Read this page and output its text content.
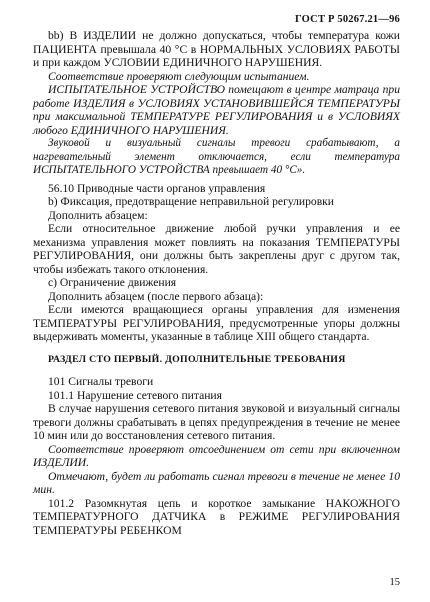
ГОСТ Р 50267.21—96

bb) В ИЗДЕЛИИ не должно допускаться, чтобы температура кожи ПАЦИЕНТА превышала 40 °С в НОРМАЛЬНЫХ УСЛОВИЯХ РАБОТЫ и при каждом УСЛОВИИ ЕДИНИЧНОГО НАРУШЕНИЯ.

Соответствие проверяют следующим испытанием.

ИСПЫТАТЕЛЬНОЕ УСТРОЙСТВО помещают в центре матраца при работе ИЗДЕЛИЯ в УСЛОВИЯХ УСТАНОВИВШЕЙСЯ ТЕМПЕРАТУРЫ при максимальной ТЕМПЕРАТУРЕ РЕГУЛИРОВАНИЯ и в УСЛОВИЯХ любого ЕДИНИЧНОГО НАРУШЕНИЯ.

Звуковой и визуальный сигналы тревоги срабатывают, а нагревательный элемент отключается, если температура ИСПЫТАТЕЛЬНОГО УСТРОЙСТВА превышает 40 °С».

56.10 Приводные части органов управления

b) Фиксация, предотвращение неправильной регулировки

Дополнить абзацем:

Если относительное движение любой ручки управления и ее механизма управления может повлиять на показания ТЕМПЕРАТУРЫ РЕГУЛИРОВАНИЯ, они должны быть закреплены друг с другом так, чтобы избежать такого отклонения.

с) Ограничение движения

Дополнить абзацем (после первого абзаца):

Если имеются вращающиеся органы управления для изменения ТЕМПЕРАТУРЫ РЕГУЛИРОВАНИЯ, предусмотренные упоры должны выдерживать моменты, указанные в таблице XIII общего стандарта.

РАЗДЕЛ СТО ПЕРВЫЙ. ДОПОЛНИТЕЛЬНЫЕ ТРЕБОВАНИЯ

101 Сигналы тревоги

101.1 Нарушение сетевого питания

В случае нарушения сетевого питания звуковой и визуальный сигналы тревоги должны срабатывать в цепях предупреждения в течение не менее 10 мин или до восстановления сетевого питания.

Соответствие проверяют отсоединением от сети при включенном ИЗДЕЛИИ.

Отмечают, будет ли работать сигнал тревоги в течение не менее 10 мин.

101.2 Разомкнутая цепь и короткое замыкание НАКОЖНОГО ТЕМПЕРАТУРНОГО ДАТЧИКА в РЕЖИМЕ РЕГУЛИРОВАНИЯ ТЕМПЕРАТУРЫ РЕБЕНКОМ

15
